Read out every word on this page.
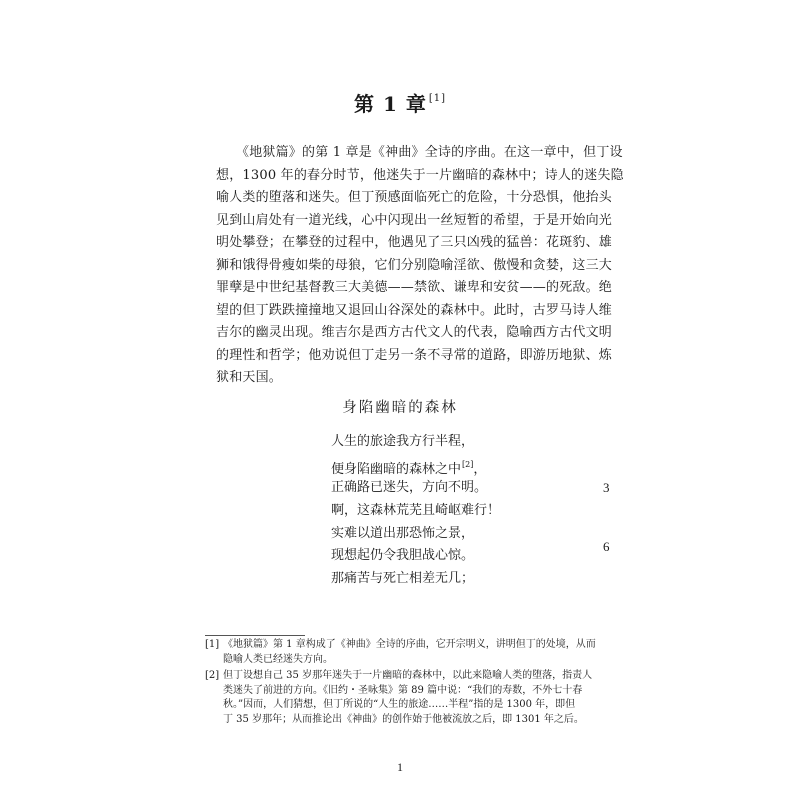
第 1 章 [1]

《地狱篇》的第 1 章是《神曲》全诗的序曲。在这一章中，但丁设
想，1300 年的春分时节，他迷失于一片幽暗的森林中；诗人的迷失隐
喻人类的堕落和迷失。但丁预感面临死亡的危险，十分恐惧，他抬头
见到山肩处有一道光线，心中闪现出一丝短暂的希望，于是开始向光
明处攀登；在攀登的过程中，他遇见了三只凶残的猛兽：花斑豹、雄
狮和饿得骨瘦如柴的母狼，它们分别隐喻淫欲、傲慢和贪婪，这三大
罪孽是中世纪基督教三大美德——禁欲、谦卑和安贫——的死敌。绝
望的但丁跌跌撞撞地又退回山谷深处的森林中。此时，古罗马诗人维
吉尔的幽灵出现。维吉尔是西方古代文人的代表，隐喻西方古代文明
的理性和哲学；他劝说但丁走另一条不寻常的道路，即游历地狱、炼
狱和天国。

身陷幽暗的森林
人生的旅途我方行半程，
便身陷幽暗的森林之中[2]，
正确路已迷失，方向不明。
啊，这森林荒芜且崎岖难行！
实难以道出那恐怖之景，
现想起仍令我胆战心惊。
那痛苦与死亡相差无几；
3
6
[1] 《地狱篇》第 1 章构成了《神曲》全诗的序曲，它开宗明义，讲明但丁的处境，从而
隐喻人类已经迷失方向。
[2] 但丁设想自己 35 岁那年迷失于一片幽暗的森林中，以此来隐喻人类的堕落，指责人
类迷失了前进的方向。《旧约・圣咏集》第 89 篇中说：“我们的寿数，不外七十春
秋。”因而，人们猜想，但丁所说的“人生的旅途……半程”指的是 1300 年，即但
丁 35 岁那年；从而推论出《神曲》的创作始于他被流放之后，即 1301 年之后。
1
